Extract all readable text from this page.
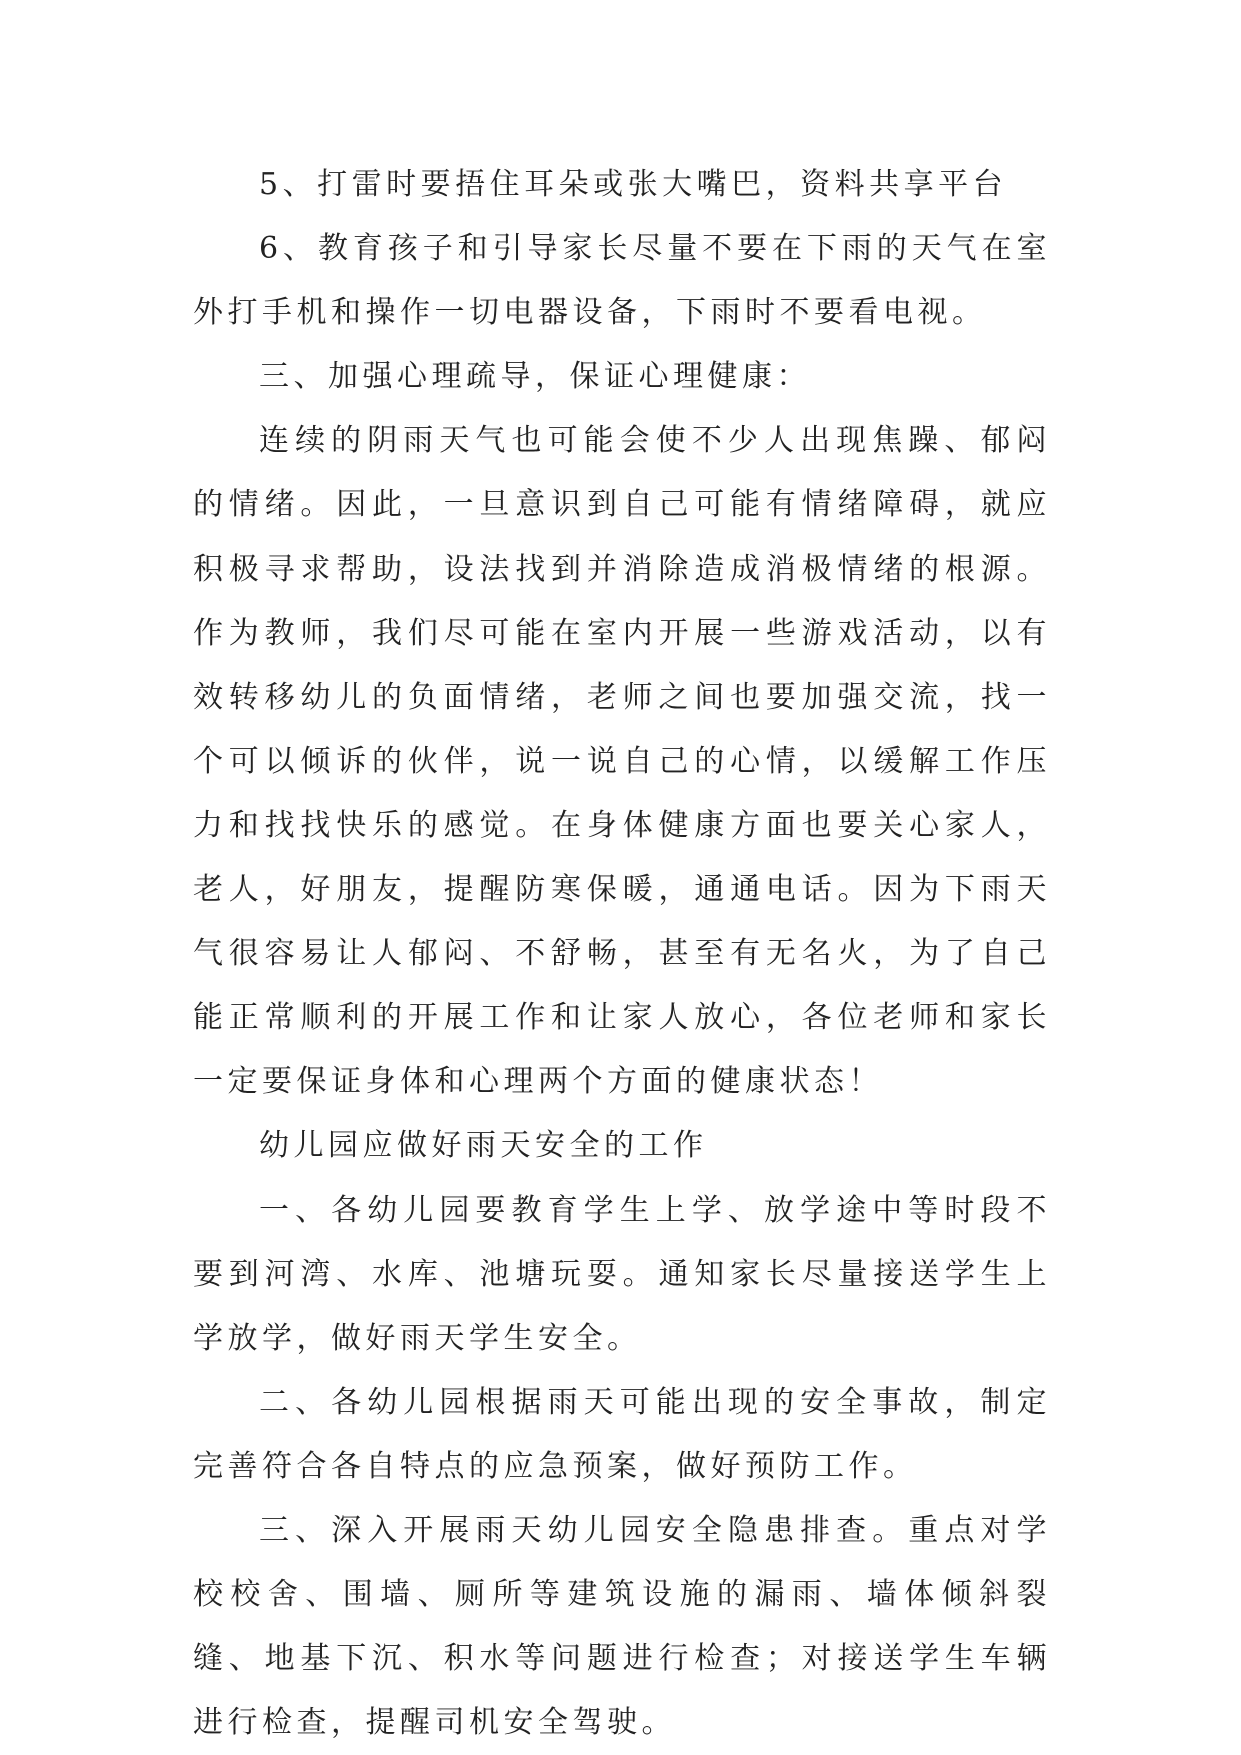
5、打雷时要捂住耳朵或张大嘴巴，资料共享平台

6、教育孩子和引导家长尽量不要在下雨的天气在室外打手机和操作一切电器设备，下雨时不要看电视。

三、加强心理疏导，保证心理健康：

连续的阴雨天气也可能会使不少人出现焦躁、郁闷的情绪。因此，一旦意识到自己可能有情绪障碍，就应积极寻求帮助，设法找到并消除造成消极情绪的根源。作为教师，我们尽可能在室内开展一些游戏活动，以有效转移幼儿的负面情绪，老师之间也要加强交流，找一个可以倾诉的伙伴，说一说自己的心情，以缓解工作压力和找找快乐的感觉。在身体健康方面也要关心家人，老人，好朋友，提醒防寒保暖，通通电话。因为下雨天气很容易让人郁闷、不舒畅，甚至有无名火，为了自己能正常顺利的开展工作和让家人放心，各位老师和家长一定要保证身体和心理两个方面的健康状态！

幼儿园应做好雨天安全的工作

一、各幼儿园要教育学生上学、放学途中等时段不要到河湾、水库、池塘玩耍。通知家长尽量接送学生上学放学，做好雨天学生安全。

二、各幼儿园根据雨天可能出现的安全事故，制定完善符合各自特点的应急预案，做好预防工作。

三、深入开展雨天幼儿园安全隐患排查。重点对学校校舍、围墙、厕所等建筑设施的漏雨、墙体倾斜裂缝、地基下沉、积水等问题进行检查；对接送学生车辆进行检查，提醒司机安全驾驶。
